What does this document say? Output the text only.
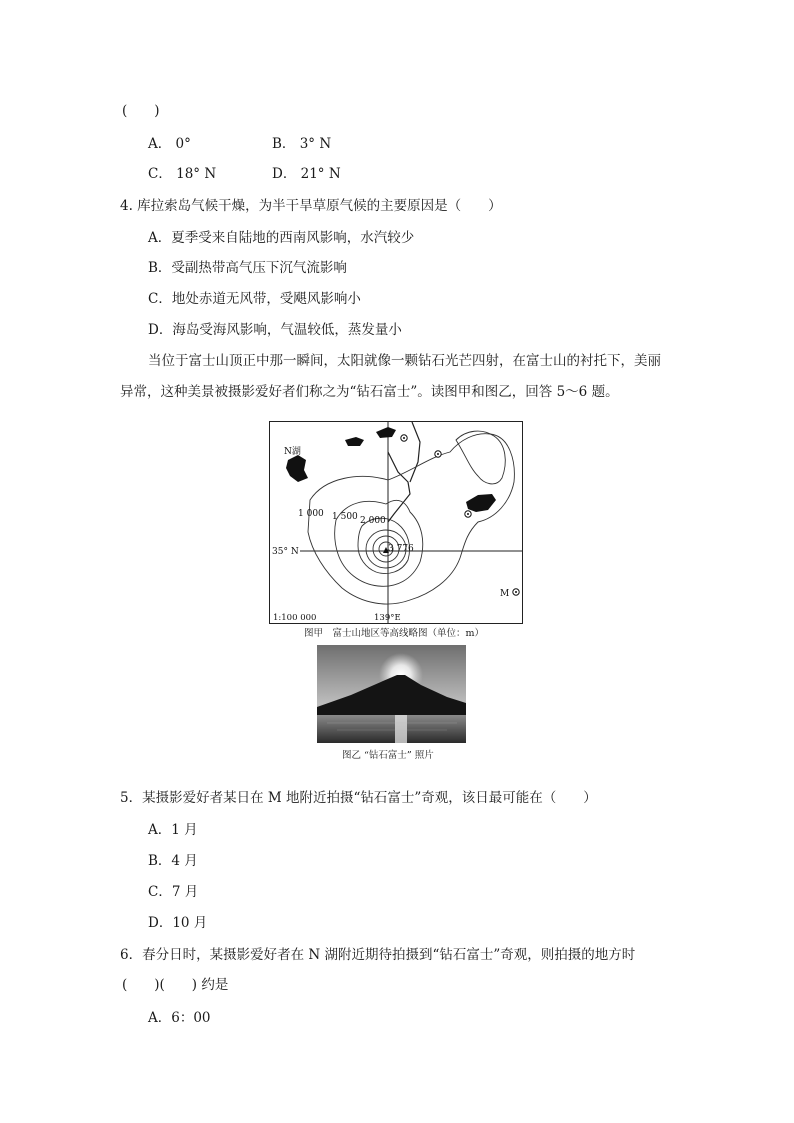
(　　)
A． 0°	B． 3° N
C． 18° N	D． 21° N
4. 库拉索岛气候干燥，为半干旱草原气候的主要原因是（　　）
A．夏季受来自陆地的西南风影响，水汽较少
B．受副热带高气压下沉气流影响
C．地处赤道无风带，受飓风影响小
D．海岛受海风影响，气温较低，蒸发量小
当位于富士山顶正中那一瞬间，太阳就像一颗钻石光芒四射，在富士山的衬托下，美丽
异常，这种美景被摄影爱好者们称之为“钻石富士”。读图甲和图乙，回答 5～6 题。
N湖
1 000 1 500 2 000
3 776
35° N
M
1:100 000	139°E
图甲　富士山地区等高线略图（单位：m）
图乙 “钻石富士” 照片
5．某摄影爱好者某日在 M 地附近拍摄“钻石富士”奇观，该日最可能在（　　）
A．1 月
B．4 月
C．7 月
D．10 月
6．春分日时，某摄影爱好者在 N 湖附近期待拍摄到“钻石富士”奇观，则拍摄的地方时
(　　)(　　) 约是
A．6：00
